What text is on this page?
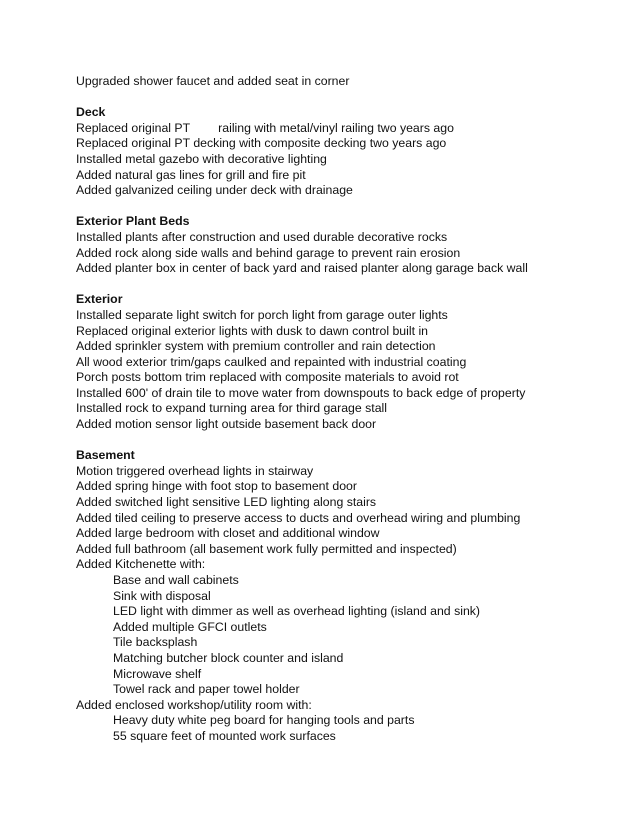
Upgraded shower faucet and added seat in corner
Deck
Replaced original PT railing with metal/vinyl railing two years ago
Replaced original PT decking with composite decking two years ago
Installed metal gazebo with decorative lighting
Added natural gas lines for grill and fire pit
Added galvanized ceiling under deck with drainage
Exterior Plant Beds
Installed plants after construction and used durable decorative rocks
Added rock along side walls and behind garage to prevent rain erosion
Added planter box in center of back yard and raised planter along garage back wall
Exterior
Installed separate light switch for porch light from garage outer lights
Replaced original exterior lights with dusk to dawn control built in
Added sprinkler system with premium controller and rain detection
All wood exterior trim/gaps caulked and repainted with industrial coating
Porch posts bottom trim replaced with composite materials to avoid rot
Installed 600' of drain tile to move water from downspouts to back edge of property
Installed rock to expand turning area for third garage stall
Added motion sensor light outside basement back door
Basement
Motion triggered overhead lights in stairway
Added spring hinge with foot stop to basement door
Added switched light sensitive LED lighting along stairs
Added tiled ceiling to preserve access to ducts and overhead wiring and plumbing
Added large bedroom with closet and additional window
Added full bathroom (all basement work fully permitted and inspected)
Added Kitchenette with:
Base and wall cabinets
Sink with disposal
LED light with dimmer as well as overhead lighting (island and sink)
Added multiple GFCI outlets
Tile backsplash
Matching butcher block counter and island
Microwave shelf
Towel rack and paper towel holder
Added enclosed workshop/utility room with:
Heavy duty white peg board for hanging tools and parts
55 square feet of mounted work surfaces
